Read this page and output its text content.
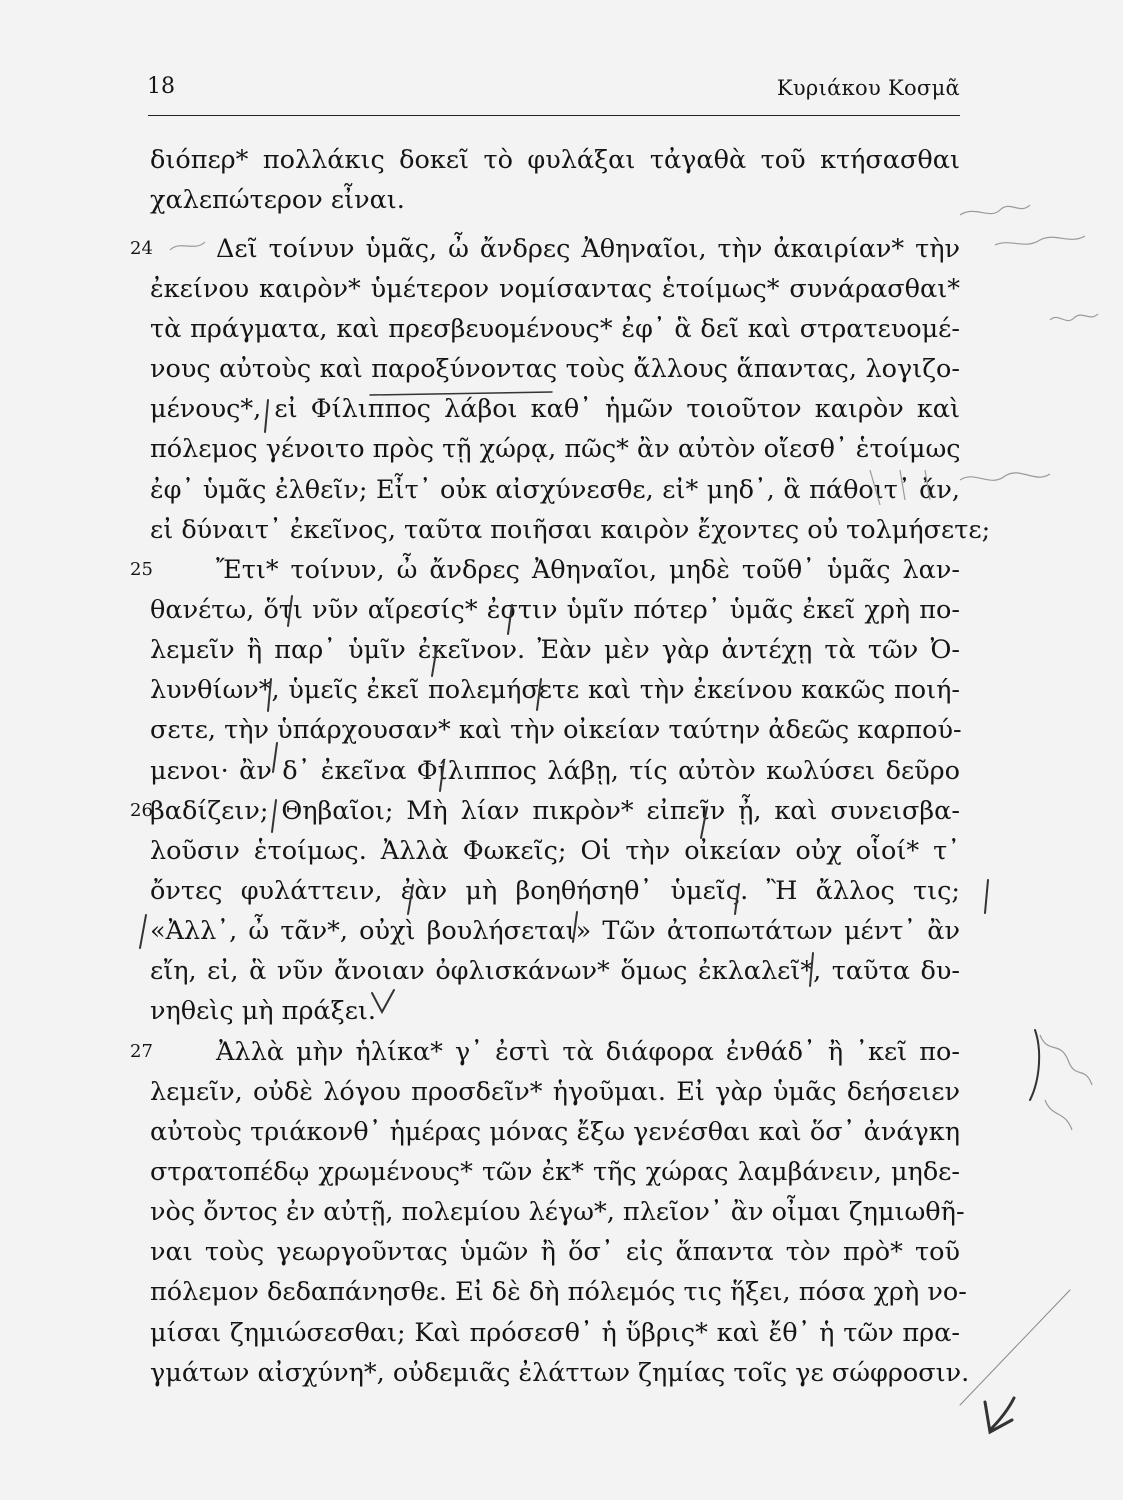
18	Κυριάκου Κοσμᾶ
24
25
26
27
διόπερ* πολλάκις δοκεῖ τὸ φυλάξαι τἀγαθὰ τοῦ κτήσασθαι
χαλεπώτερον εἶναι.
Δεῖ τοίνυν ὑμᾶς, ὦ ἄνδρες Ἀθηναῖοι, τὴν ἀκαιρίαν* τὴν
ἐκείνου καιρὸν* ὑμέτερον νομίσαντας ἑτοίμως* συνάρασθαι*
τὰ πράγματα, καὶ πρεσβευομένους* ἐφ᾽ ἃ δεῖ καὶ στρατευομέ-
νους αὐτοὺς καὶ παροξύνοντας τοὺς ἄλλους ἅπαντας, λογιζο-
μένους*, εἰ Φίλιππος λάβοι καθ᾽ ἡμῶν τοιοῦτον καιρὸν καὶ
πόλεμος γένοιτο πρὸς τῇ χώρᾳ, πῶς* ἂν αὐτὸν οἴεσθ᾽ ἑτοίμως
ἐφ᾽ ὑμᾶς ἐλθεῖν; Εἶτ᾽ οὐκ αἰσχύνεσθε, εἰ* μηδ᾽, ἃ πάθοιτ᾽ ἄν,
εἰ δύναιτ᾽ ἐκεῖνος, ταῦτα ποιῆσαι καιρὸν ἔχοντες οὐ τολμήσετε;
Ἔτι* τοίνυν, ὦ ἄνδρες Ἀθηναῖοι, μηδὲ τοῦθ᾽ ὑμᾶς λαν-
θανέτω, ὅτι νῦν αἵρεσίς* ἐστιν ὑμῖν πότερ᾽ ὑμᾶς ἐκεῖ χρὴ πο-
λεμεῖν ἢ παρ᾽ ὑμῖν ἐκεῖνον. Ἐὰν μὲν γὰρ ἀντέχῃ τὰ τῶν Ὀ-
λυνθίων*, ὑμεῖς ἐκεῖ πολεμήσετε καὶ τὴν ἐκείνου κακῶς ποιή-
σετε, τὴν ὑπάρχουσαν* καὶ τὴν οἰκείαν ταύτην ἀδεῶς καρπού-
μενοι· ἂν δ᾽ ἐκεῖνα Φίλιππος λάβῃ, τίς αὐτὸν κωλύσει δεῦρο
βαδίζειν; Θηβαῖοι; Μὴ λίαν πικρὸν* εἰπεῖν ᾖ, καὶ συνεισβα-
λοῦσιν ἑτοίμως. Ἀλλὰ Φωκεῖς; Οἱ τὴν οἰκείαν οὐχ οἷοί* τ᾽
ὄντες φυλάττειν, ἐὰν μὴ βοηθήσηθ᾽ ὑμεῖς. Ἢ ἄλλος τις;
«Ἀλλ᾽, ὦ τᾶν*, οὐχὶ βουλήσεται» Τῶν ἀτοπωτάτων μέντ᾽ ἂν
εἴη, εἰ, ἃ νῦν ἄνοιαν ὀφλισκάνων* ὅμως ἐκλαλεῖ*, ταῦτα δυ-
νηθεὶς μὴ πράξει.
Ἀλλὰ μὴν ἡλίκα* γ᾽ ἐστὶ τὰ διάφορα ἐνθάδ᾽ ἢ ᾽κεῖ πο-
λεμεῖν, οὐδὲ λόγου προσδεῖν* ἡγοῦμαι. Εἰ γὰρ ὑμᾶς δεήσειεν
αὐτοὺς τριάκονθ᾽ ἡμέρας μόνας ἔξω γενέσθαι καὶ ὅσ᾽ ἀνάγκη
στρατοπέδῳ χρωμένους* τῶν ἐκ* τῆς χώρας λαμβάνειν, μηδε-
νὸς ὄντος ἐν αὐτῇ, πολεμίου λέγω*, πλεῖον᾽ ἂν οἶμαι ζημιωθῆ-
ναι τοὺς γεωργοῦντας ὑμῶν ἢ ὅσ᾽ εἰς ἅπαντα τὸν πρὸ* τοῦ
πόλεμον δεδαπάνησθε. Εἰ δὲ δὴ πόλεμός τις ἥξει, πόσα χρὴ νο-
μίσαι ζημιώσεσθαι; Καὶ πρόσεσθ᾽ ἡ ὕβρις* καὶ ἔθ᾽ ἡ τῶν πρα-
γμάτων αἰσχύνη*, οὐδεμιᾶς ἐλάττων ζημίας τοῖς γε σώφροσιν.
